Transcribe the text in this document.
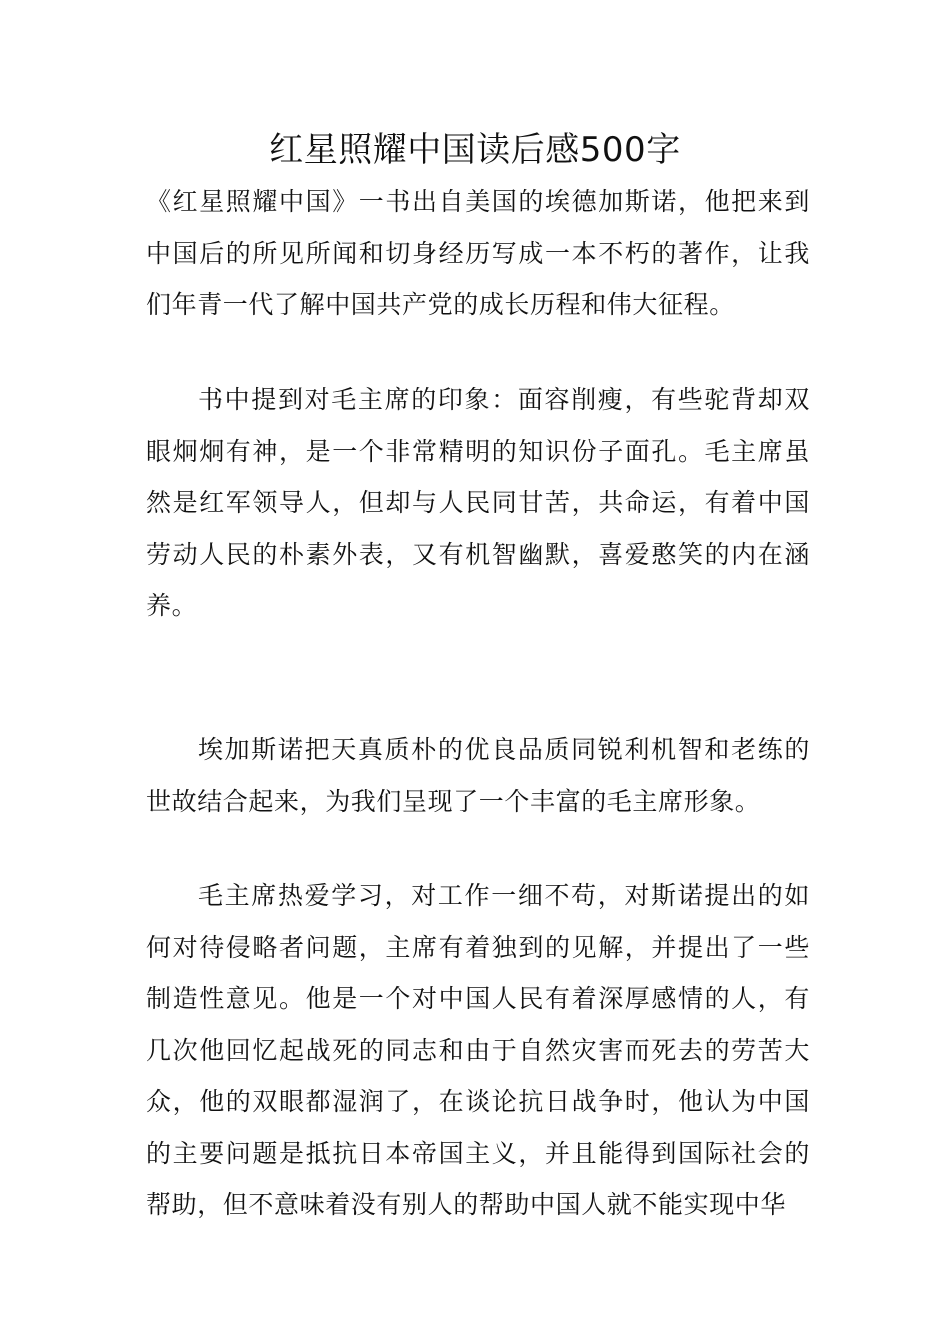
红星照耀中国读后感500字

《红星照耀中国》一书出自美国的埃德加斯诺，他把来到中国后的所见所闻和切身经历写成一本不朽的著作，让我们年青一代了解中国共产党的成长历程和伟大征程。

书中提到对毛主席的印象：面容削瘦，有些驼背却双眼炯炯有神，是一个非常精明的知识份子面孔。毛主席虽然是红军领导人，但却与人民同甘苦，共命运，有着中国劳动人民的朴素外表，又有机智幽默，喜爱憨笑的内在涵养。

埃加斯诺把天真质朴的优良品质同锐利机智和老练的世故结合起来，为我们呈现了一个丰富的毛主席形象。

毛主席热爱学习，对工作一细不苟，对斯诺提出的如何对待侵略者问题，主席有着独到的见解，并提出了一些制造性意见。他是一个对中国人民有着深厚感情的人，有几次他回忆起战死的同志和由于自然灾害而死去的劳苦大众，他的双眼都湿润了，在谈论抗日战争时，他认为中国的主要问题是抵抗日本帝国主义，并且能得到国际社会的帮助，但不意味着没有别人的帮助中国人就不能实现中华
